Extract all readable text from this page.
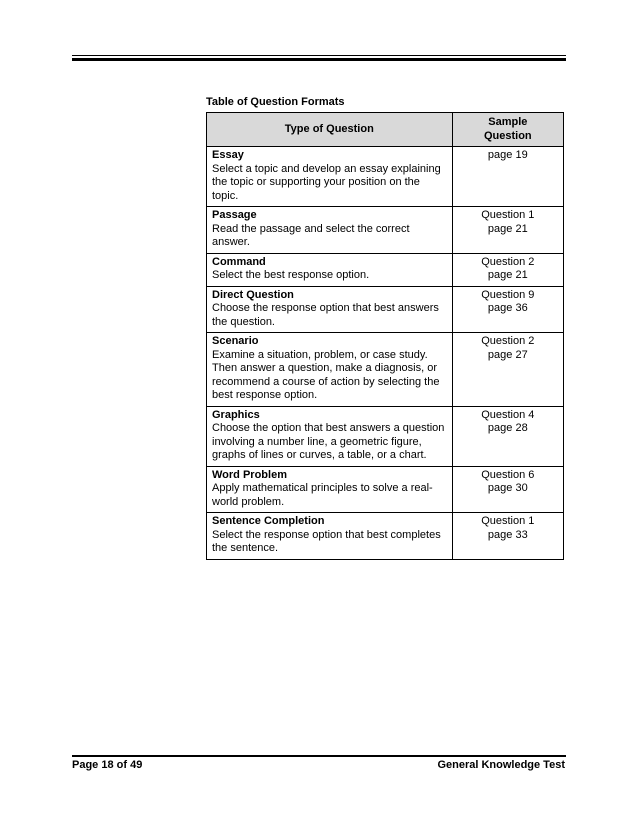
Table of Question Formats
Type of Question	Sample
Question

Essay
Select a topic and develop an essay explaining the topic or supporting your position on the topic.	page 19

Passage
Read the passage and select the correct answer.	Question 1
page 21

Command
Select the best response option.	Question 2
page 21

Direct Question
Choose the response option that best answers the question.	Question 9
page 36

Scenario
Examine a situation, problem, or case study. Then answer a question, make a diagnosis, or recommend a course of action by selecting the best response option.	Question 2
page 27

Graphics
Choose the option that best answers a question involving a number line, a geometric figure, graphs of lines or curves, a table, or a chart.	Question 4
page 28

Word Problem
Apply mathematical principles to solve a real-world problem.	Question 6
page 30

Sentence Completion
Select the response option that best completes the sentence.	Question 1
page 33
Page 18 of 49	General Knowledge Test
